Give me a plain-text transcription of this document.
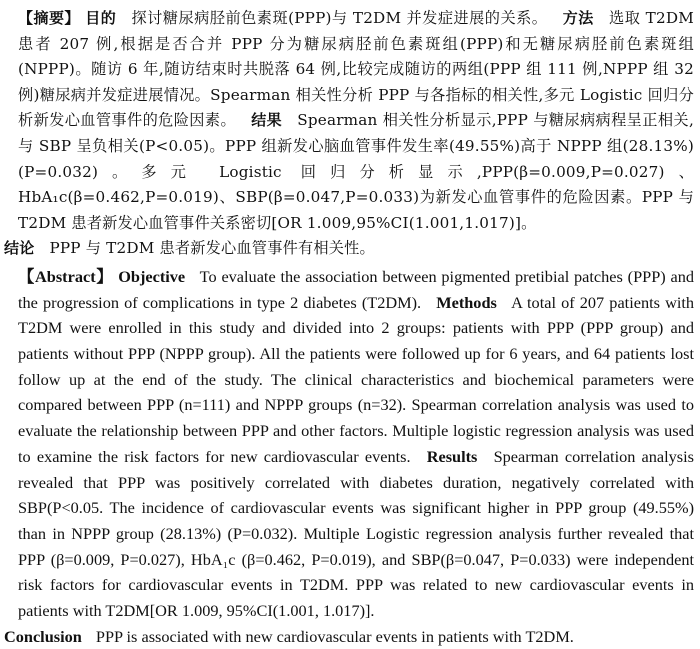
【摘要】 目的 探讨糖尿病胫前色素斑(PPP)与 T2DM 并发症进展的关系。 方法 选取 T2DM 患者 207 例,根据是否合并 PPP 分为糖尿病胫前色素斑组(PPP)和无糖尿病胫前色素斑组(NPPP)。随访 6 年,随访结束时共脱落 64 例,比较完成随访的两组(PPP 组 111 例,NPPP 组 32 例)糖尿病并发症进展情况。Spearman 相关性分析 PPP 与各指标的相关性,多元 Logistic 回归分析新发心血管事件的危险因素。 结果 Spearman 相关性分析显示,PPP 与糖尿病病程呈正相关,与 SBP 呈负相关(P<0.05)。PPP 组新发心脑血管事件发生率(49.55%)高于 NPPP 组(28.13%)(P=0.032)。多元 Logistic 回归分析显示,PPP(β=0.009,P=0.027)、HbA₁c(β=0.462,P=0.019)、SBP(β=0.047,P=0.033)为新发心血管事件的危险因素。PPP 与 T2DM 患者新发心血管事件关系密切[OR 1.009,95%CI(1.001,1.017)]。

结论 PPP 与 T2DM 患者新发心血管事件有相关性。

【Abstract】 Objective To evaluate the association between pigmented pretibial patches (PPP) and the progression of complications in type 2 diabetes (T2DM). Methods A total of 207 patients with T2DM were enrolled in this study and divided into 2 groups: patients with PPP (PPP group) and patients without PPP (NPPP group). All the patients were followed up for 6 years, and 64 patients lost follow up at the end of the study. The clinical characteristics and biochemical parameters were compared between PPP (n=111) and NPPP groups (n=32). Spearman correlation analysis was used to evaluate the relationship between PPP and other factors. Multiple logistic regression analysis was used to examine the risk factors for new cardiovascular events. Results Spearman correlation analysis revealed that PPP was positively correlated with diabetes duration, negatively correlated with SBP(P<0.05. The incidence of cardiovascular events was significant higher in PPP group (49.55%) than in NPPP group (28.13%) (P=0.032). Multiple Logistic regression analysis further revealed that PPP (β=0.009, P=0.027), HbA₁c (β=0.462, P=0.019), and SBP(β=0.047, P=0.033) were independent risk factors for cardiovascular events in T2DM. PPP was related to new cardiovascular events in patients with T2DM[OR 1.009, 95%CI(1.001, 1.017)].

Conclusion PPP is associated with new cardiovascular events in patients with T2DM.
